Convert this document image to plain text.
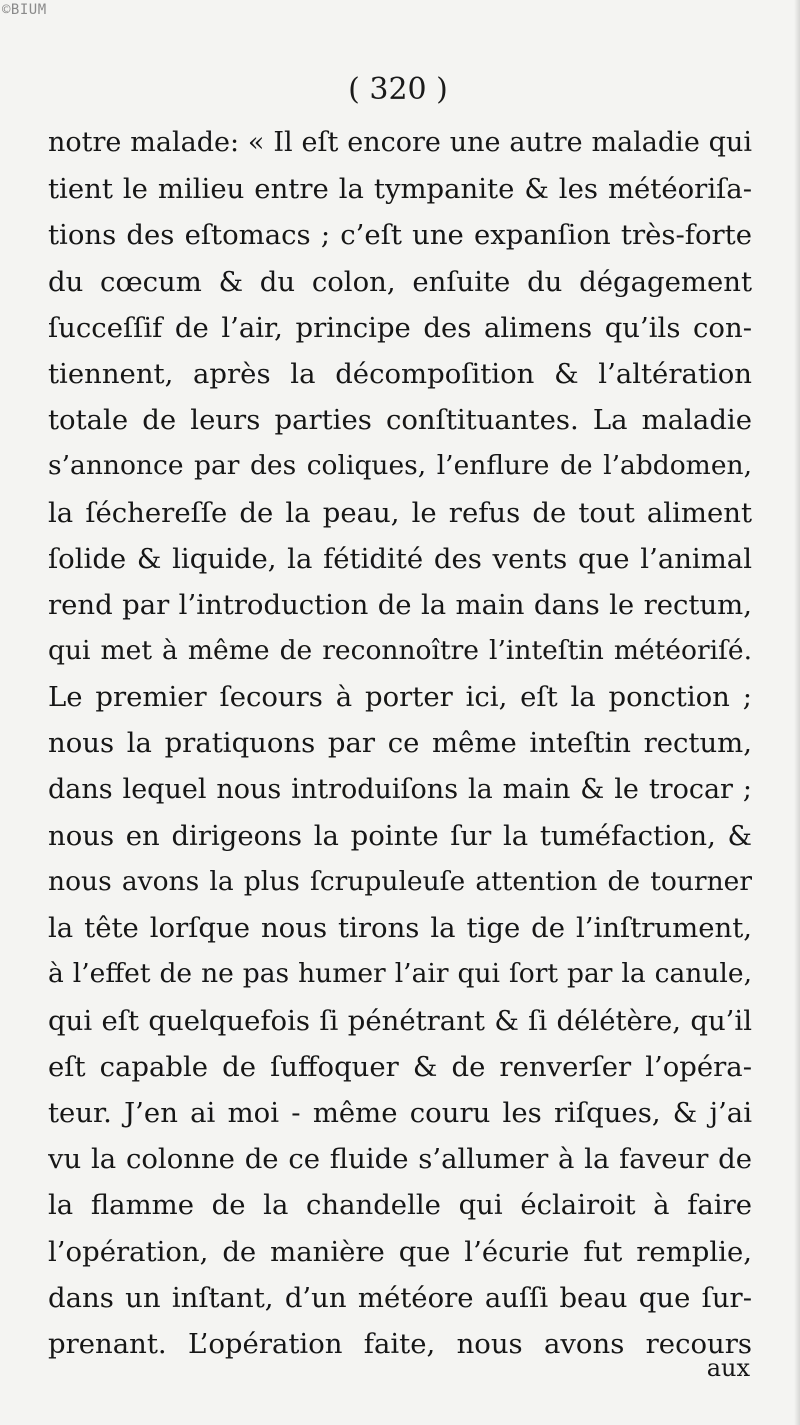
©BIUM
( 320 )
notre malade: « Il eſt encore une autre maladie qui
tient le milieu entre la tympanite & les météoriſa-
tions des eſtomacs ; c’eſt une expanſion très-forte
du cœcum & du colon, enſuite du dégagement
ſucceſſif de l’air, principe des alimens qu’ils con-
tiennent, après la décompoſition & l’altération
totale de leurs parties conſtituantes. La maladie
s’annonce par des coliques, l’enflure de l’abdomen,
la ſéchereſſe de la peau, le refus de tout aliment
ſolide & liquide, la fétidité des vents que l’animal
rend par l’introduction de la main dans le rectum,
qui met à même de reconnoître l’inteſtin météoriſé.
Le premier ſecours à porter ici, eſt la ponction ;
nous la pratiquons par ce même inteſtin rectum,
dans lequel nous introduiſons la main & le trocar ;
nous en dirigeons la pointe ſur la tuméfaction, &
nous avons la plus ſcrupuleuſe attention de tourner
la tête lorſque nous tirons la tige de l’inſtrument,
à l’effet de ne pas humer l’air qui ſort par la canule,
qui eſt quelquefois ſi pénétrant & ſi délétère, qu’il
eſt capable de ſuffoquer & de renverſer l’opéra-
teur. J’en ai moi - même couru les riſques, & j’ai
vu la colonne de ce fluide s’allumer à la faveur de
la flamme de la chandelle qui éclairoit à faire
l’opération, de manière que l’écurie fut remplie,
dans un inſtant, d’un météore auſſi beau que ſur-
prenant. L’opération faite, nous avons recours
aux
